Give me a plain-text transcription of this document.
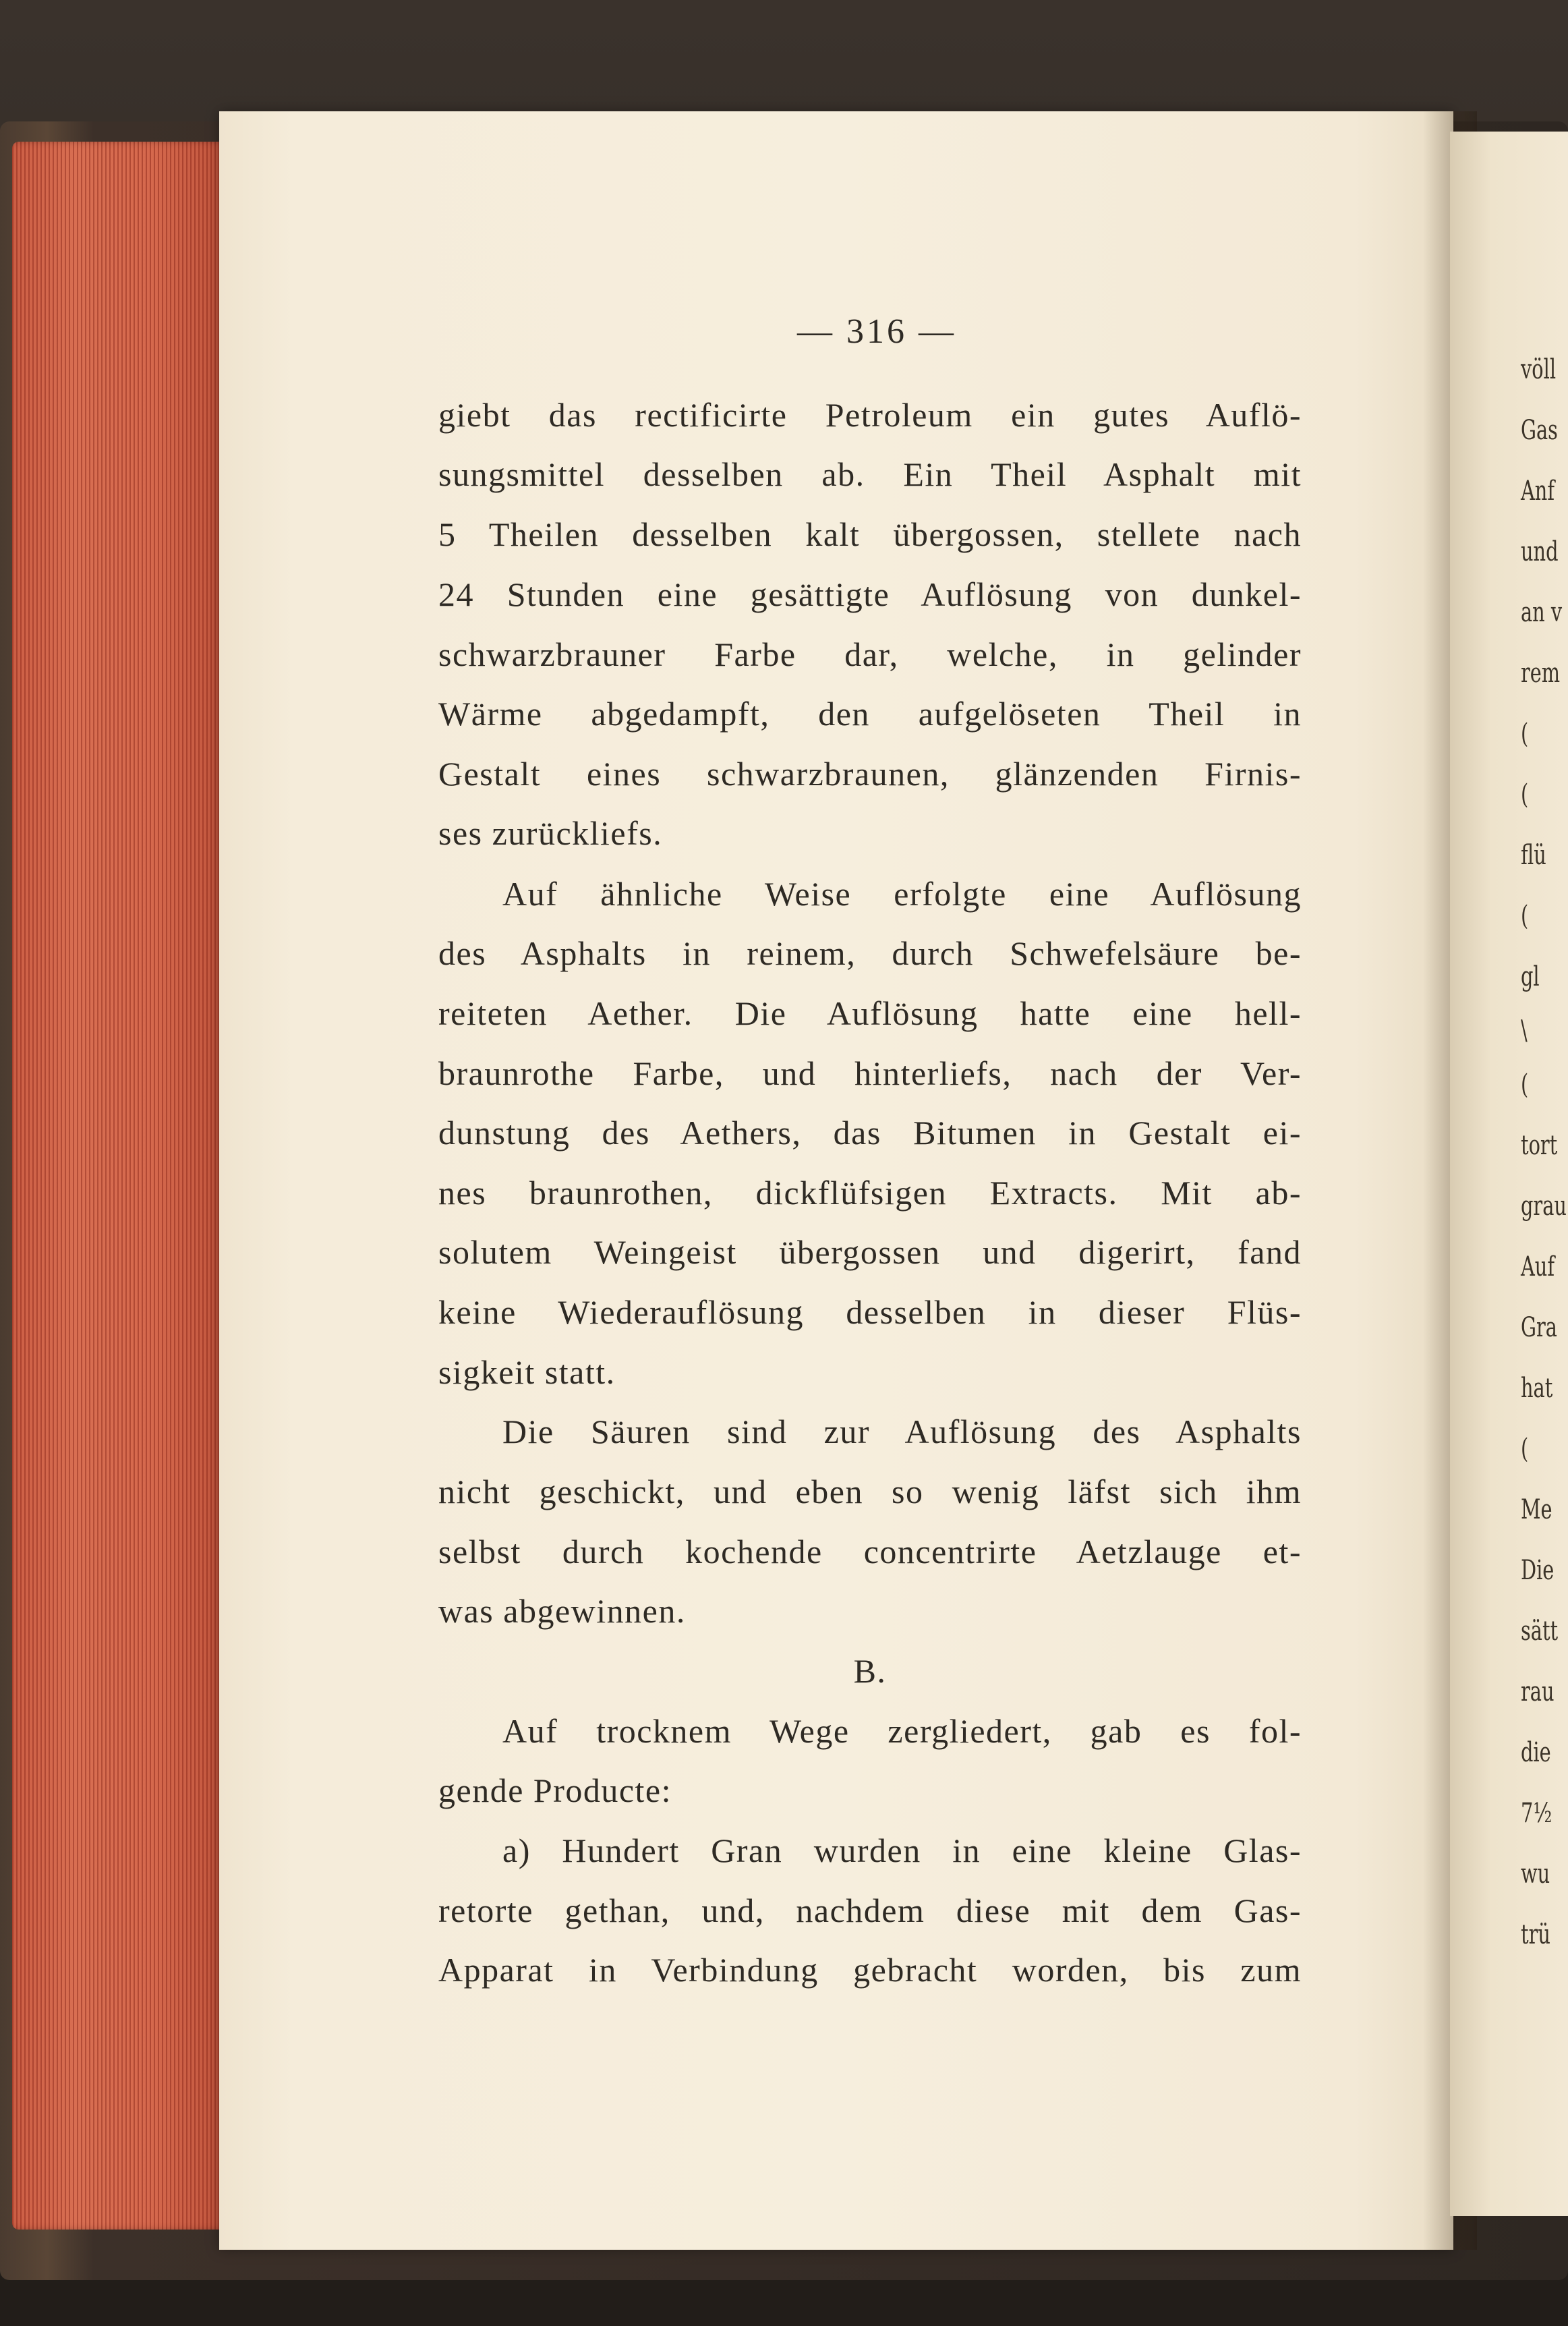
völl
Gas
Anf
und
an v
rem
(
(
flü
(
gl
\
(
tort
grau
Auf
Gra
hat
(
Me
Die
sätt
rau
die
7½
wu
trü
— 316 —
giebt das rectificirte Petroleum ein gutes Auflö-
sungsmittel desselben ab. Ein Theil Asphalt mit
5 Theilen desselben kalt übergossen, stellete nach
24 Stunden eine gesättigte Auflösung von dunkel-
schwarzbrauner Farbe dar, welche, in gelinder
Wärme abgedampft, den aufgelöseten Theil in
Gestalt eines schwarzbraunen, glänzenden Firnis-
ses zurückliefs.
Auf ähnliche Weise erfolgte eine Auflösung
des Asphalts in reinem, durch Schwefelsäure be-
reiteten Aether. Die Auflösung hatte eine hell-
braunrothe Farbe, und hinterliefs, nach der Ver-
dunstung des Aethers, das Bitumen in Gestalt ei-
nes braunrothen, dickflüfsigen Extracts. Mit ab-
solutem Weingeist übergossen und digerirt, fand
keine Wiederauflösung desselben in dieser Flüs-
sigkeit statt.
Die Säuren sind zur Auflösung des Asphalts
nicht geschickt, und eben so wenig läfst sich ihm
selbst durch kochende concentrirte Aetzlauge et-
was abgewinnen.
B.
Auf trocknem Wege zergliedert, gab es fol-
gende Producte:
a) Hundert Gran wurden in eine kleine Glas-
retorte gethan, und, nachdem diese mit dem Gas-
Apparat in Verbindung gebracht worden, bis zum
